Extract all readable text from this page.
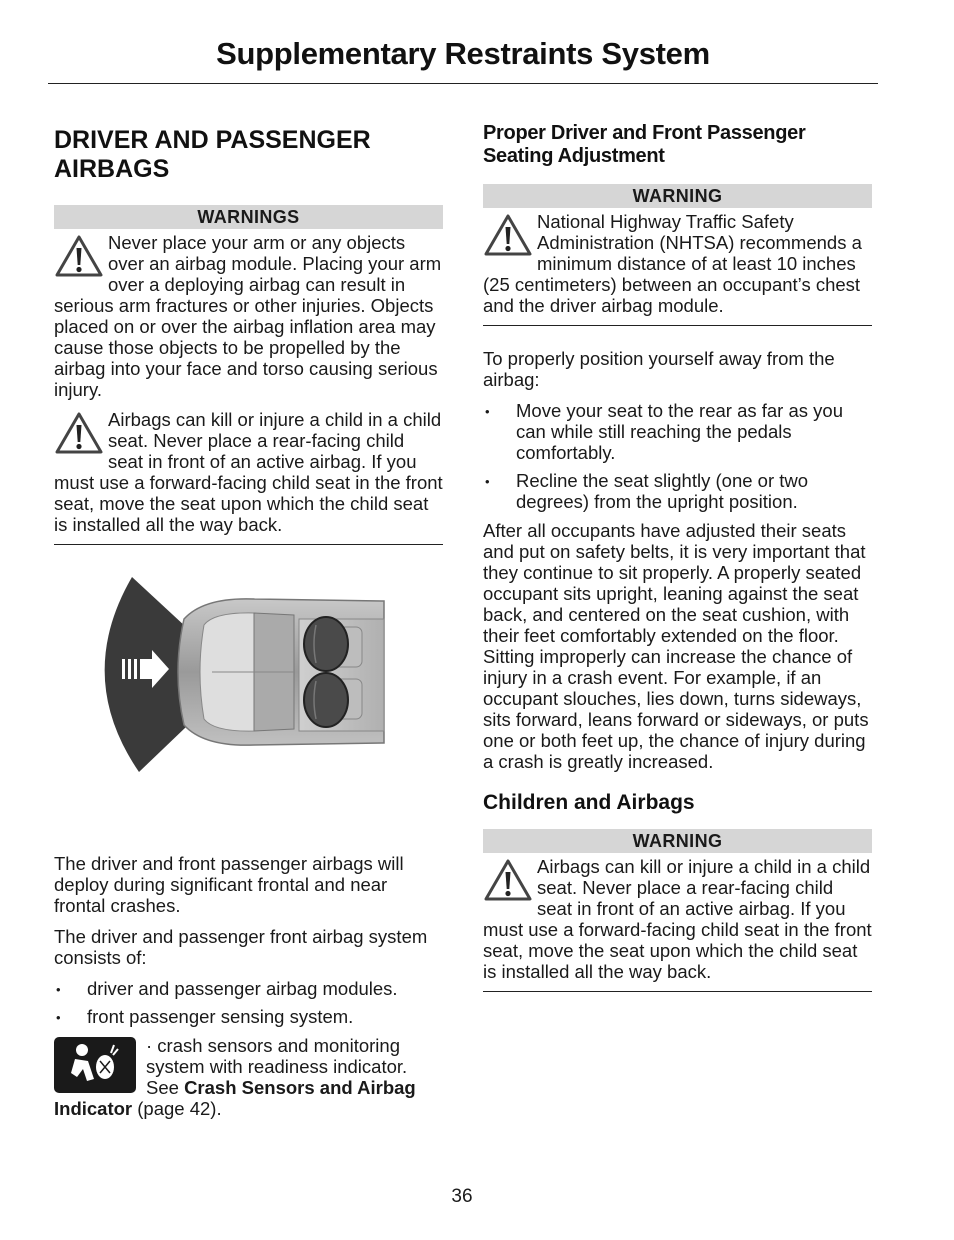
Supplementary Restraints System
DRIVER AND PASSENGER AIRBAGS
WARNINGS
Never place your arm or any objects over an airbag module. Placing your arm over a deploying airbag can result in serious arm fractures or other injuries. Objects placed on or over the airbag inflation area may cause those objects to be propelled by the airbag into your face and torso causing serious injury.
Airbags can kill or injure a child in a child seat. Never place a rear-facing child seat in front of an active airbag. If you must use a forward-facing child seat in the front seat, move the seat upon which the child seat is installed all the way back.
The driver and front passenger airbags will deploy during significant frontal and near frontal crashes.
The driver and passenger front airbag system consists of:
• driver and passenger airbag modules.
• front passenger sensing system.
· crash sensors and monitoring system with readiness indicator. See Crash Sensors and Airbag Indicator (page 42).
Proper Driver and Front Passenger Seating Adjustment
WARNING
National Highway Traffic Safety Administration (NHTSA) recommends a minimum distance of at least 10 inches (25 centimeters) between an occupant’s chest and the driver airbag module.
To properly position yourself away from the airbag:
• Move your seat to the rear as far as you can while still reaching the pedals comfortably.
• Recline the seat slightly (one or two degrees) from the upright position.
After all occupants have adjusted their seats and put on safety belts, it is very important that they continue to sit properly. A properly seated occupant sits upright, leaning against the seat back, and centered on the seat cushion, with their feet comfortably extended on the floor. Sitting improperly can increase the chance of injury in a crash event. For example, if an occupant slouches, lies down, turns sideways, sits forward, leans forward or sideways, or puts one or both feet up, the chance of injury during a crash is greatly increased.
Children and Airbags
WARNING
Airbags can kill or injure a child in a child seat. Never place a rear-facing child seat in front of an active airbag. If you must use a forward-facing child seat in the front seat, move the seat upon which the child seat is installed all the way back.
36
